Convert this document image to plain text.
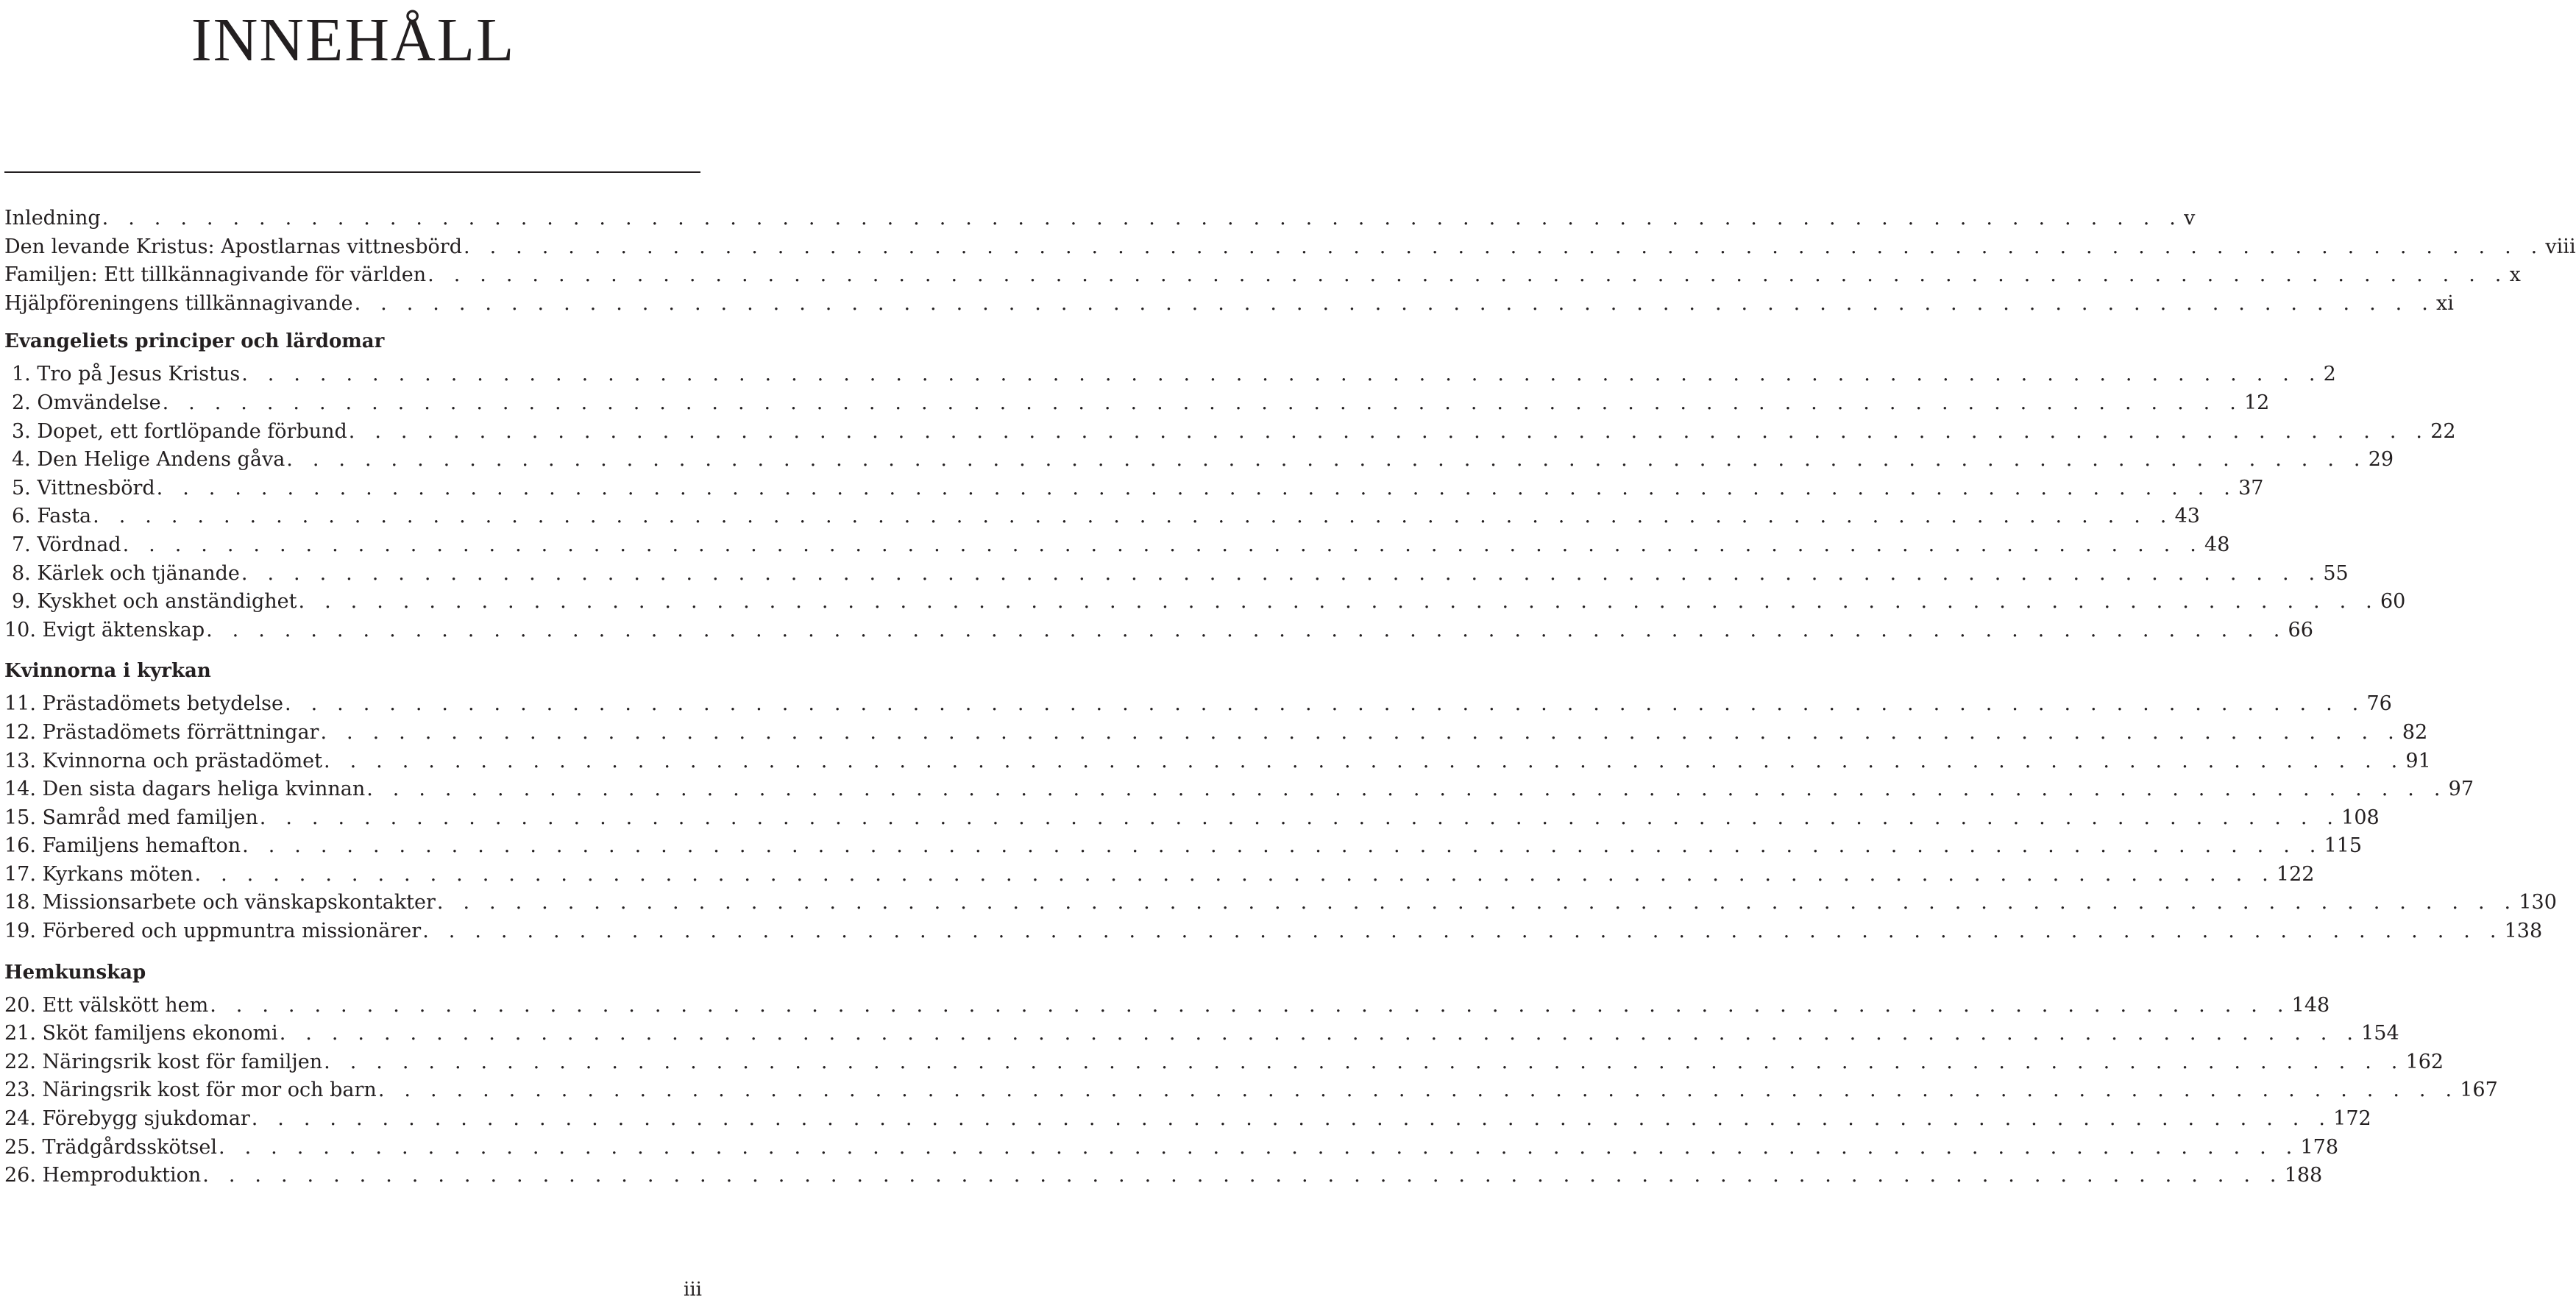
INNEHÅLL
Inledning . . . . . . . . . . . . . . . . . . . . . . . . . . . . . . . . . . . . . . . . . . . . . . . . . . . . . . . . . . . . . . . . . . . . . . . . . . . . . . . . v
Den levande Kristus: Apostlarnas vittnesbörd . . . . . . . . . . . . . . . . . . . . . . . . . . . . . . . . . . . . . . . . . . . . . . . . . . . . . . . . . . . . . . . . . . . . . . . . . . . . . . . . viii
Familjen: Ett tillkännagivande för världen . . . . . . . . . . . . . . . . . . . . . . . . . . . . . . . . . . . . . . . . . . . . . . . . . . . . . . . . . . . . . . . . . . . . . . . . . . . . . . . . x
Hjälpföreningens tillkännagivande . . . . . . . . . . . . . . . . . . . . . . . . . . . . . . . . . . . . . . . . . . . . . . . . . . . . . . . . . . . . . . . . . . . . . . . . . . . . . . . . xi
Evangeliets principer och lärdomar
1. Tro på Jesus Kristus . . . . . . . . . . . . . . . . . . . . . . . . . . . . . . . . . . . . . . . . . . . . . . . . . . . . . . . . . . . . . . . . . . . . . . . . . . . . . . . . 2
2. Omvändelse . . . . . . . . . . . . . . . . . . . . . . . . . . . . . . . . . . . . . . . . . . . . . . . . . . . . . . . . . . . . . . . . . . . . . . . . . . . . . . . . 12
3. Dopet, ett fortlöpande förbund . . . . . . . . . . . . . . . . . . . . . . . . . . . . . . . . . . . . . . . . . . . . . . . . . . . . . . . . . . . . . . . . . . . . . . . . . . . . . . . . 22
4. Den Helige Andens gåva . . . . . . . . . . . . . . . . . . . . . . . . . . . . . . . . . . . . . . . . . . . . . . . . . . . . . . . . . . . . . . . . . . . . . . . . . . . . . . . . 29
5. Vittnesbörd . . . . . . . . . . . . . . . . . . . . . . . . . . . . . . . . . . . . . . . . . . . . . . . . . . . . . . . . . . . . . . . . . . . . . . . . . . . . . . . . 37
6. Fasta . . . . . . . . . . . . . . . . . . . . . . . . . . . . . . . . . . . . . . . . . . . . . . . . . . . . . . . . . . . . . . . . . . . . . . . . . . . . . . . . 43
7. Vördnad . . . . . . . . . . . . . . . . . . . . . . . . . . . . . . . . . . . . . . . . . . . . . . . . . . . . . . . . . . . . . . . . . . . . . . . . . . . . . . . . 48
8. Kärlek och tjänande . . . . . . . . . . . . . . . . . . . . . . . . . . . . . . . . . . . . . . . . . . . . . . . . . . . . . . . . . . . . . . . . . . . . . . . . . . . . . . . . 55
9. Kyskhet och anständighet . . . . . . . . . . . . . . . . . . . . . . . . . . . . . . . . . . . . . . . . . . . . . . . . . . . . . . . . . . . . . . . . . . . . . . . . . . . . . . . . 60
10. Evigt äktenskap . . . . . . . . . . . . . . . . . . . . . . . . . . . . . . . . . . . . . . . . . . . . . . . . . . . . . . . . . . . . . . . . . . . . . . . . . . . . . . . . 66
Kvinnorna i kyrkan
11. Prästadömets betydelse . . . . . . . . . . . . . . . . . . . . . . . . . . . . . . . . . . . . . . . . . . . . . . . . . . . . . . . . . . . . . . . . . . . . . . . . . . . . . . . . 76
12. Prästadömets förrättningar . . . . . . . . . . . . . . . . . . . . . . . . . . . . . . . . . . . . . . . . . . . . . . . . . . . . . . . . . . . . . . . . . . . . . . . . . . . . . . . . 82
13. Kvinnorna och prästadömet . . . . . . . . . . . . . . . . . . . . . . . . . . . . . . . . . . . . . . . . . . . . . . . . . . . . . . . . . . . . . . . . . . . . . . . . . . . . . . . . 91
14. Den sista dagars heliga kvinnan . . . . . . . . . . . . . . . . . . . . . . . . . . . . . . . . . . . . . . . . . . . . . . . . . . . . . . . . . . . . . . . . . . . . . . . . . . . . . . . . 97
15. Samråd med familjen . . . . . . . . . . . . . . . . . . . . . . . . . . . . . . . . . . . . . . . . . . . . . . . . . . . . . . . . . . . . . . . . . . . . . . . . . . . . . . . . 108
16. Familjens hemafton . . . . . . . . . . . . . . . . . . . . . . . . . . . . . . . . . . . . . . . . . . . . . . . . . . . . . . . . . . . . . . . . . . . . . . . . . . . . . . . . 115
17. Kyrkans möten . . . . . . . . . . . . . . . . . . . . . . . . . . . . . . . . . . . . . . . . . . . . . . . . . . . . . . . . . . . . . . . . . . . . . . . . . . . . . . . . 122
18. Missionsarbete och vänskapskontakter . . . . . . . . . . . . . . . . . . . . . . . . . . . . . . . . . . . . . . . . . . . . . . . . . . . . . . . . . . . . . . . . . . . . . . . . . . . . . . . . 130
19. Förbered och uppmuntra missionärer . . . . . . . . . . . . . . . . . . . . . . . . . . . . . . . . . . . . . . . . . . . . . . . . . . . . . . . . . . . . . . . . . . . . . . . . . . . . . . . . 138
Hemkunskap
20. Ett välskött hem . . . . . . . . . . . . . . . . . . . . . . . . . . . . . . . . . . . . . . . . . . . . . . . . . . . . . . . . . . . . . . . . . . . . . . . . . . . . . . . . 148
21. Sköt familjens ekonomi . . . . . . . . . . . . . . . . . . . . . . . . . . . . . . . . . . . . . . . . . . . . . . . . . . . . . . . . . . . . . . . . . . . . . . . . . . . . . . . . 154
22. Näringsrik kost för familjen . . . . . . . . . . . . . . . . . . . . . . . . . . . . . . . . . . . . . . . . . . . . . . . . . . . . . . . . . . . . . . . . . . . . . . . . . . . . . . . . 162
23. Näringsrik kost för mor och barn . . . . . . . . . . . . . . . . . . . . . . . . . . . . . . . . . . . . . . . . . . . . . . . . . . . . . . . . . . . . . . . . . . . . . . . . . . . . . . . . 167
24. Förebygg sjukdomar . . . . . . . . . . . . . . . . . . . . . . . . . . . . . . . . . . . . . . . . . . . . . . . . . . . . . . . . . . . . . . . . . . . . . . . . . . . . . . . . 172
25. Trädgårdsskötsel . . . . . . . . . . . . . . . . . . . . . . . . . . . . . . . . . . . . . . . . . . . . . . . . . . . . . . . . . . . . . . . . . . . . . . . . . . . . . . . . 178
26. Hemproduktion . . . . . . . . . . . . . . . . . . . . . . . . . . . . . . . . . . . . . . . . . . . . . . . . . . . . . . . . . . . . . . . . . . . . . . . . . . . . . . . . 188
iii
